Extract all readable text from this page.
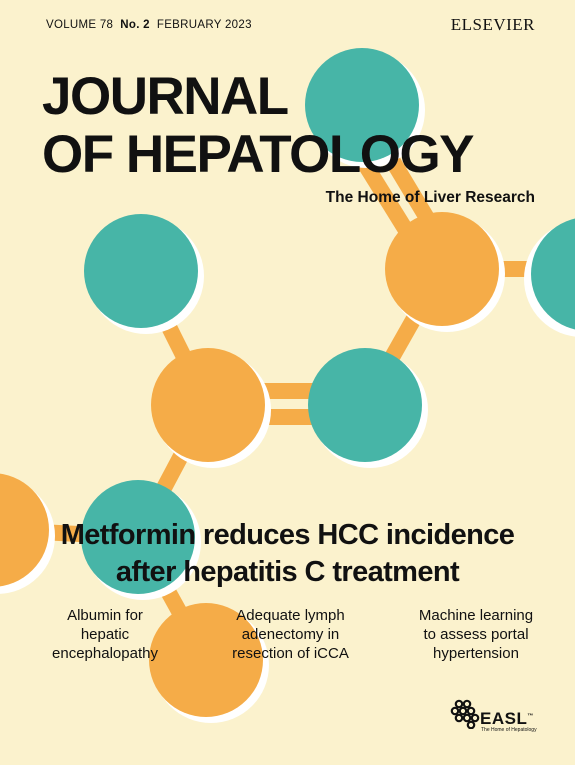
VOLUME 78 No. 2 FEBRUARY 2023	ELSEVIER
JOURNAL
OF HEPATOLOGY
The Home of Liver Research
Metformin reduces HCC incidence
after hepatitis C treatment
Albumin for
hepatic
encephalopathy
Adequate lymph
adenectomy in
resection of iCCA
Machine learning
to assess portal
hypertension
EASL™
The Home of Hepatology
